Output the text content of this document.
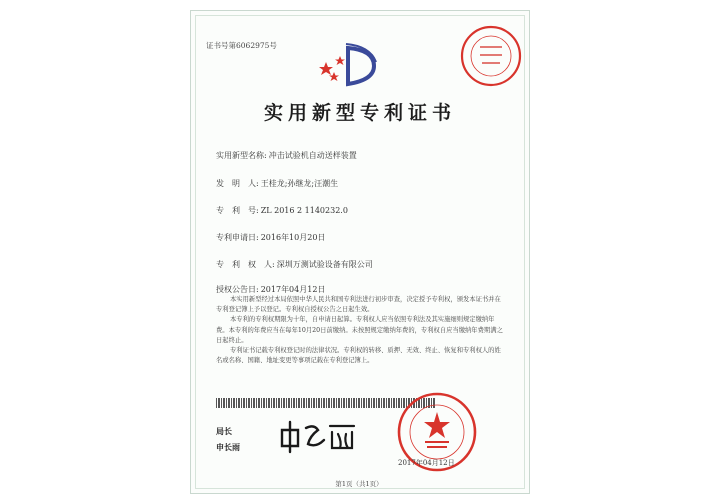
证书号第6062975号
实用新型专利证书
实用新型名称: 冲击试验机自动送样装置
发　明　人: 王桂龙;孙继龙;汪潮生
专　利　号: ZL 2016 2 1140232.0
专利申请日: 2016年10月20日
专　利　权　人: 深圳万测试验设备有限公司
授权公告日: 2017年04月12日

本实用新型经过本局依照中华人民共和国专利法进行初步审查，决定授予专利权，颁发本证书并在专利登记簿上予以登记。专利权自授权公告之日起生效。

本专利的专利权期限为十年，自申请日起算。专利权人应当依照专利法及其实施细则规定缴纳年费。本专利的年费应当在每年10月20日前缴纳。未按照规定缴纳年费的，专利权自应当缴纳年费期满之日起终止。

专利证书记载专利权登记时的法律状况。专利权的转移、质押、无效、终止、恢复和专利权人的姓名或名称、国籍、地址变更等事项记载在专利登记簿上。

局长
申长雨
2017年04月12日
第1页（共1页）
